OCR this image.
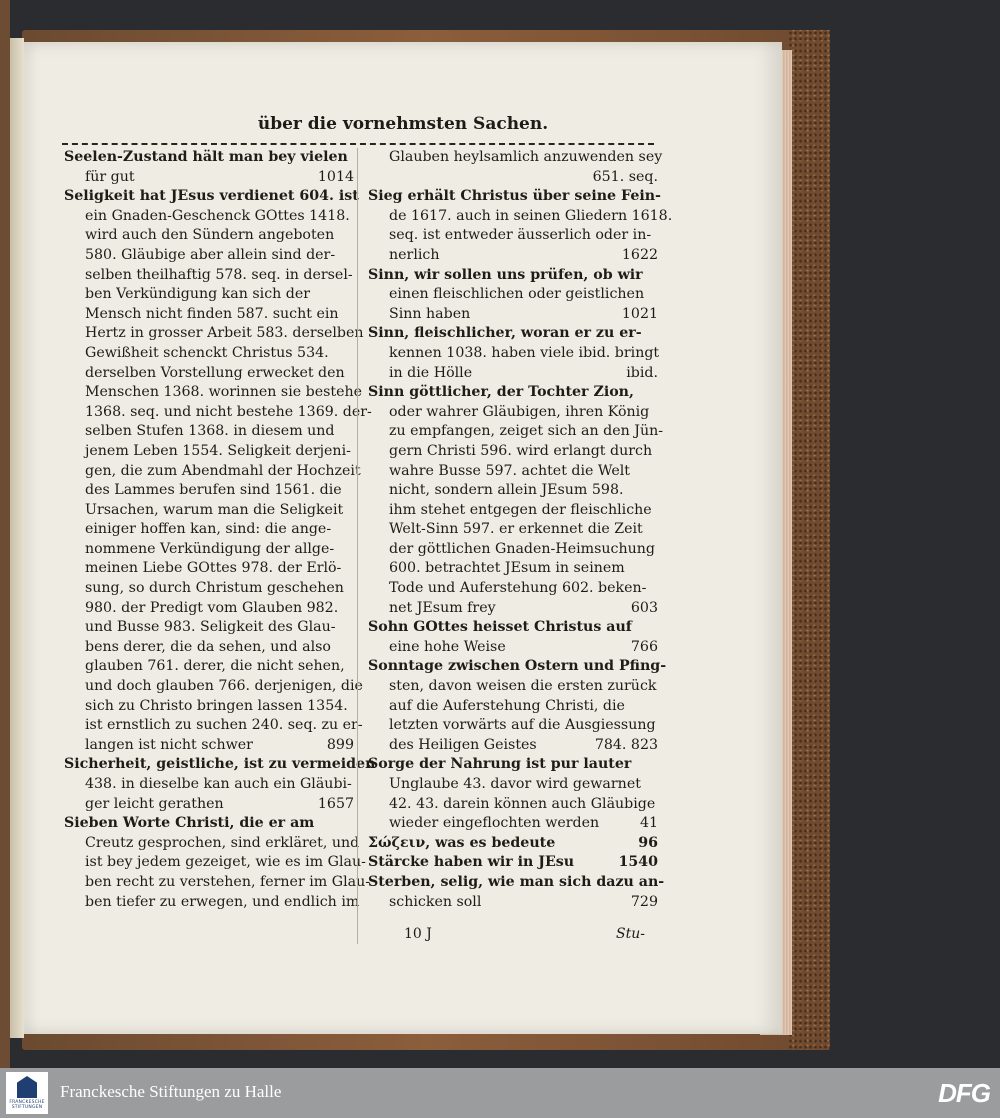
über die vornehmsten Sachen.
Seelen-Zustand hält man bey vielen
für gut	1014
Seligkeit hat JEsus verdienet 604. ist
ein Gnaden-Geschenck GOttes 1418.
wird auch den Sündern angeboten
580. Gläubige aber allein sind der-
selben theilhaftig 578. seq. in dersel-
ben Verkündigung kan sich der
Mensch nicht finden 587. sucht ein
Hertz in grosser Arbeit 583. derselben
Gewißheit schenckt Christus 534.
derselben Vorstellung erwecket den
Menschen 1368. worinnen sie bestehe
1368. seq. und nicht bestehe 1369. der-
selben Stufen 1368. in diesem und
jenem Leben 1554. Seligkeit derjeni-
gen, die zum Abendmahl der Hochzeit
des Lammes berufen sind 1561. die
Ursachen, warum man die Seligkeit
einiger hoffen kan, sind: die ange-
nommene Verkündigung der allge-
meinen Liebe GOttes 978. der Erlö-
sung, so durch Christum geschehen
980. der Predigt vom Glauben 982.
und Busse 983. Seligkeit des Glau-
bens derer, die da sehen, und also
glauben 761. derer, die nicht sehen,
und doch glauben 766. derjenigen, die
sich zu Christo bringen lassen 1354.
ist ernstlich zu suchen 240. seq. zu er-
langen ist nicht schwer	899
Sicherheit, geistliche, ist zu vermeiden
438. in dieselbe kan auch ein Gläubi-
ger leicht gerathen	1657
Sieben Worte Christi, die er am
Creutz gesprochen, sind erkläret, und
ist bey jedem gezeiget, wie es im Glau-
ben recht zu verstehen, ferner im Glau-
ben tiefer zu erwegen, und endlich im
Glauben heylsamlich anzuwenden sey
651. seq.
Sieg erhält Christus über seine Fein-
de 1617. auch in seinen Gliedern 1618.
seq. ist entweder äusserlich oder in-
nerlich	1622
Sinn, wir sollen uns prüfen, ob wir
einen fleischlichen oder geistlichen
Sinn haben	1021
Sinn, fleischlicher, woran er zu er-
kennen 1038. haben viele ibid. bringt
in die Hölle	ibid.
Sinn göttlicher, der Tochter Zion,
oder wahrer Gläubigen, ihren König
zu empfangen, zeiget sich an den Jün-
gern Christi 596. wird erlangt durch
wahre Busse 597. achtet die Welt
nicht, sondern allein JEsum 598.
ihm stehet entgegen der fleischliche
Welt-Sinn 597. er erkennet die Zeit
der göttlichen Gnaden-Heimsuchung
600. betrachtet JEsum in seinem
Tode und Auferstehung 602. beken-
net JEsum frey	603
Sohn GOttes heisset Christus auf
eine hohe Weise	766
Sonntage zwischen Ostern und Pfing-
sten, davon weisen die ersten zurück
auf die Auferstehung Christi, die
letzten vorwärts auf die Ausgiessung
des Heiligen Geistes	784. 823
Sorge der Nahrung ist pur lauter
Unglaube 43. davor wird gewarnet
42. 43. darein können auch Gläubige
wieder eingeflochten werden	41
Σώζειν, was es bedeute	96
Stärcke haben wir in JEsu	1540
Sterben, selig, wie man sich dazu an-
schicken soll	729
10 J	Stu-
FRANCKESCHE STIFTUNGEN
Franckesche Stiftungen zu Halle	DFG
